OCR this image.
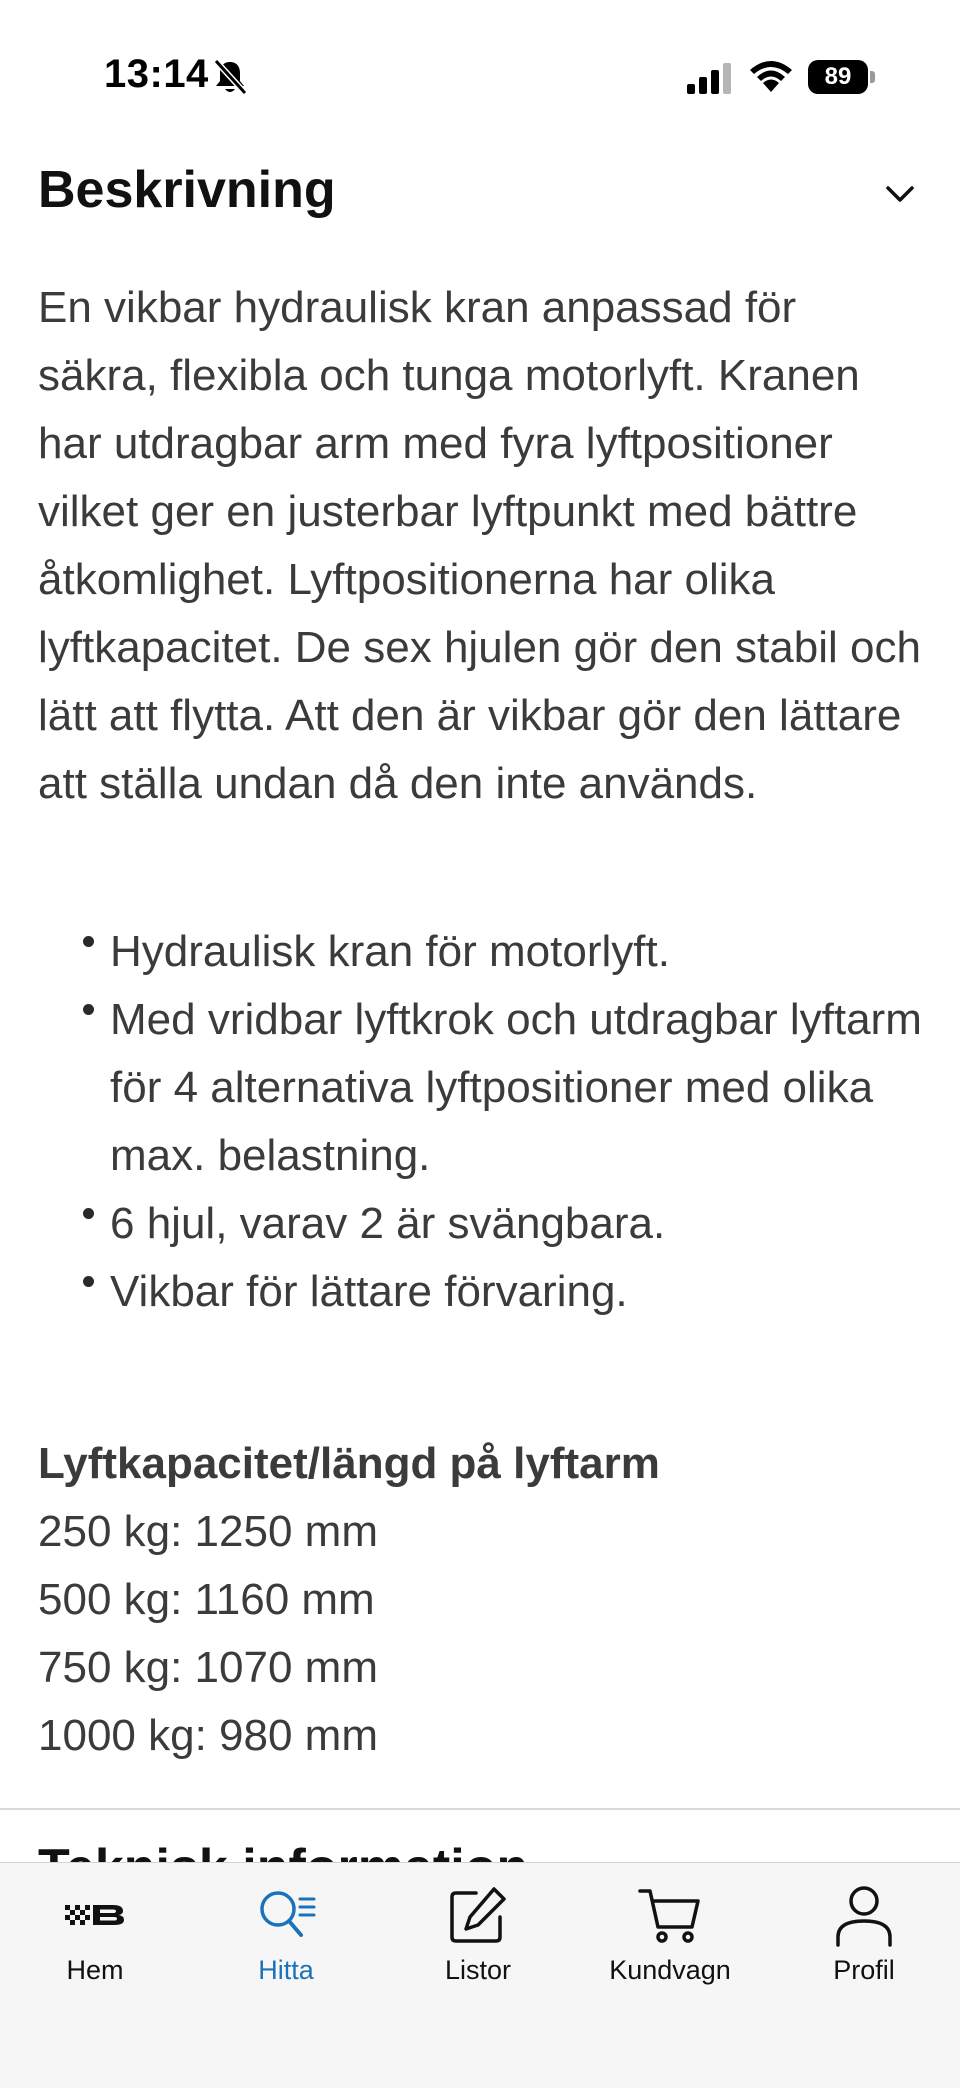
13:14	89
Beskrivning

En vikbar hydraulisk kran anpassad för säkra, flexibla och tunga motorlyft. Kranen har utdragbar arm med fyra lyftpositioner vilket ger en justerbar lyftpunkt med bättre åtkomlighet. Lyftpositionerna har olika lyftkapacitet. De sex hjulen gör den stabil och lätt att flytta. Att den är vikbar gör den lättare att ställa undan då den inte används.

Hydraulisk kran för motorlyft.
Med vridbar lyftkrok och utdragbar lyftarm för 4 alternativa lyftpositioner med olika max. belastning.
6 hjul, varav 2 är svängbara.
Vikbar för lättare förvaring.
Lyftkapacitet/längd på lyftarm
250 kg: 1250 mm
500 kg: 1160 mm
750 kg: 1070 mm
1000 kg: 980 mm
Hem	Hitta	Listor	Kundvagn	Profil
